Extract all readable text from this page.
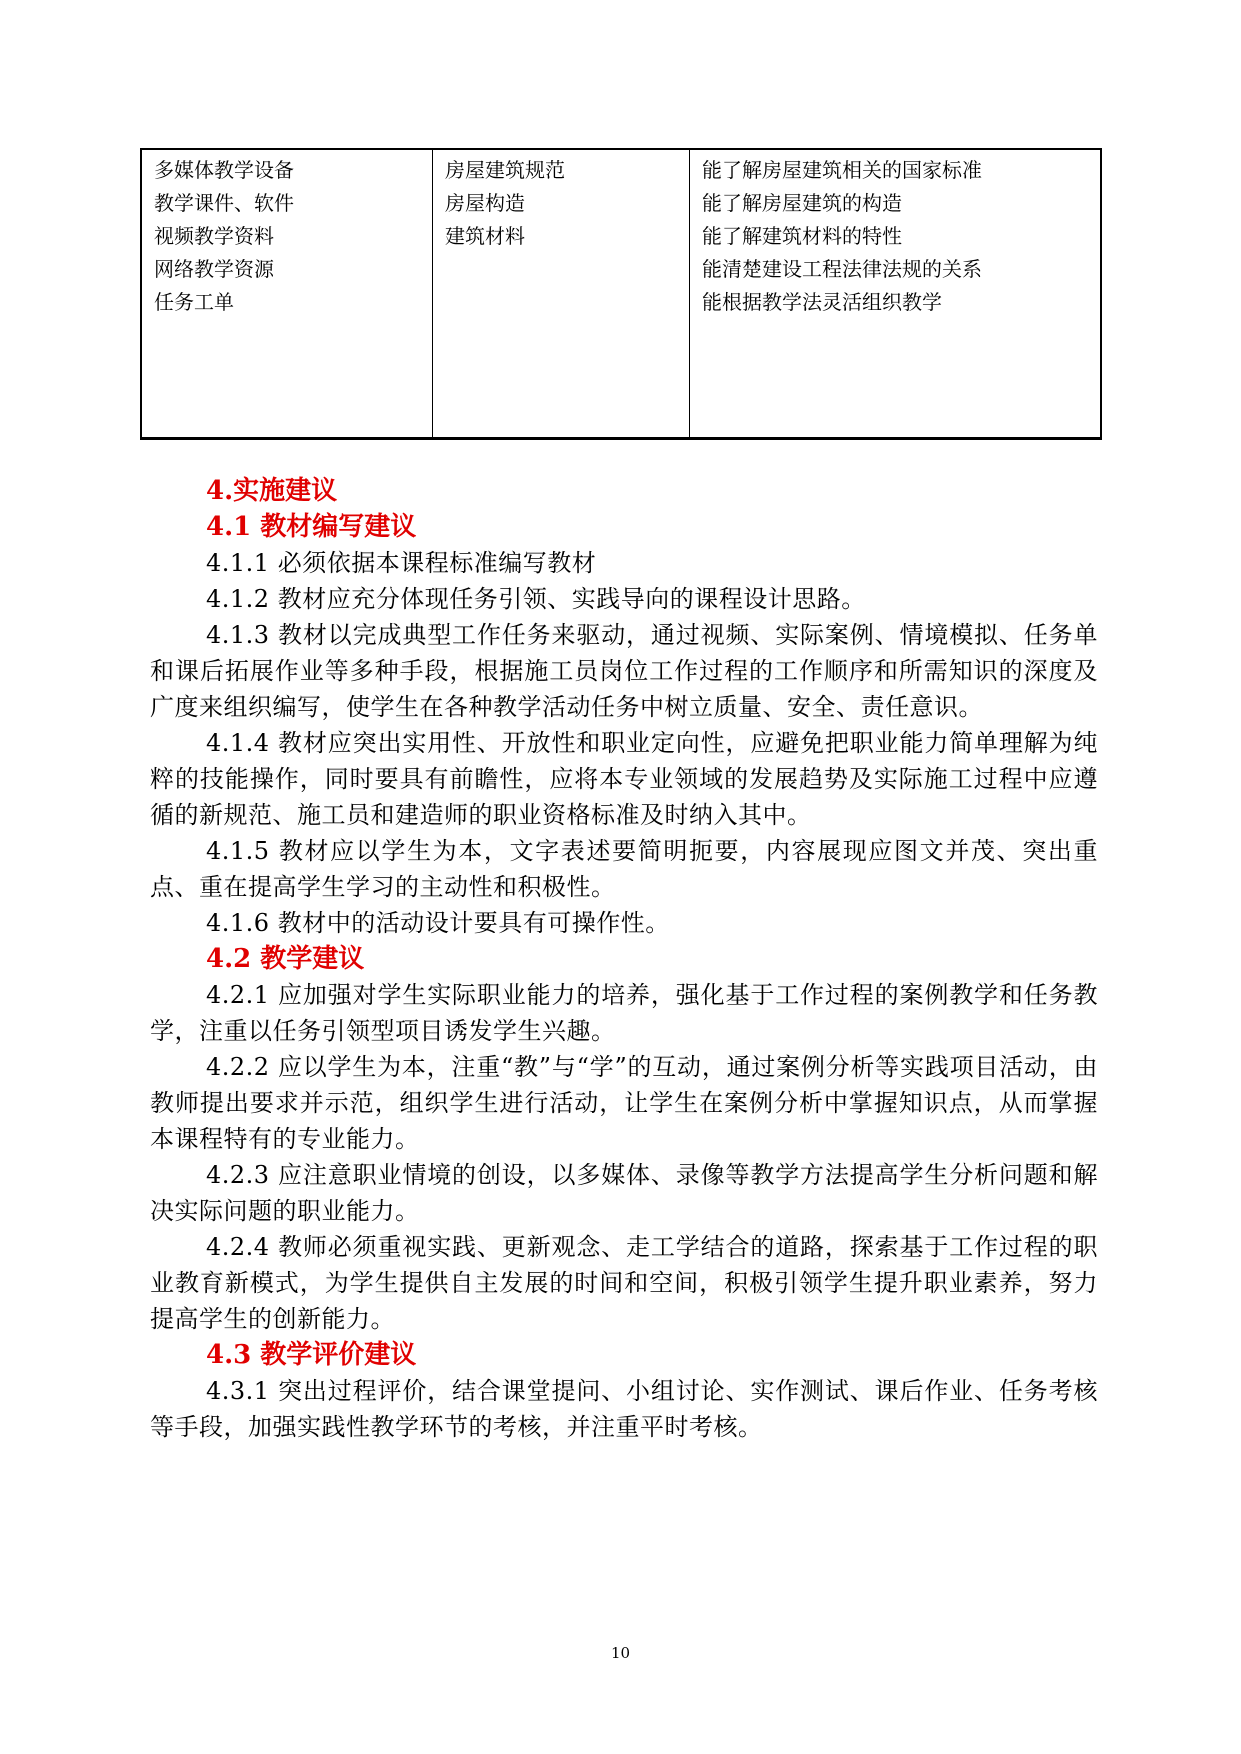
多媒体教学设备
教学课件、软件
视频教学资料
网络教学资源
任务工单
房屋建筑规范
房屋构造
建筑材料
能了解房屋建筑相关的国家标准
能了解房屋建筑的构造
能了解建筑材料的特性
能清楚建设工程法律法规的关系
能根据教学法灵活组织教学
4.实施建议
4.1 教材编写建议
4.1.1 必须依据本课程标准编写教材
4.1.2 教材应充分体现任务引领、实践导向的课程设计思路。
4.1.3 教材以完成典型工作任务来驱动，通过视频、实际案例、情境模拟、任务单和课后拓展作业等多种手段，根据施工员岗位工作过程的工作顺序和所需知识的深度及广度来组织编写，使学生在各种教学活动任务中树立质量、安全、责任意识。
4.1.4 教材应突出实用性、开放性和职业定向性，应避免把职业能力简单理解为纯粹的技能操作，同时要具有前瞻性，应将本专业领域的发展趋势及实际施工过程中应遵循的新规范、施工员和建造师的职业资格标准及时纳入其中。
4.1.5 教材应以学生为本，文字表述要简明扼要，内容展现应图文并茂、突出重点、重在提高学生学习的主动性和积极性。
4.1.6 教材中的活动设计要具有可操作性。
4.2 教学建议
4.2.1 应加强对学生实际职业能力的培养，强化基于工作过程的案例教学和任务教学，注重以任务引领型项目诱发学生兴趣。
4.2.2 应以学生为本，注重“教”与“学”的互动，通过案例分析等实践项目活动，由教师提出要求并示范，组织学生进行活动，让学生在案例分析中掌握知识点，从而掌握本课程特有的专业能力。
4.2.3 应注意职业情境的创设，以多媒体、录像等教学方法提高学生分析问题和解决实际问题的职业能力。
4.2.4 教师必须重视实践、更新观念、走工学结合的道路，探索基于工作过程的职业教育新模式，为学生提供自主发展的时间和空间，积极引领学生提升职业素养，努力提高学生的创新能力。
4.3 教学评价建议
4.3.1 突出过程评价，结合课堂提问、小组讨论、实作测试、课后作业、任务考核等手段，加强实践性教学环节的考核，并注重平时考核。
10
